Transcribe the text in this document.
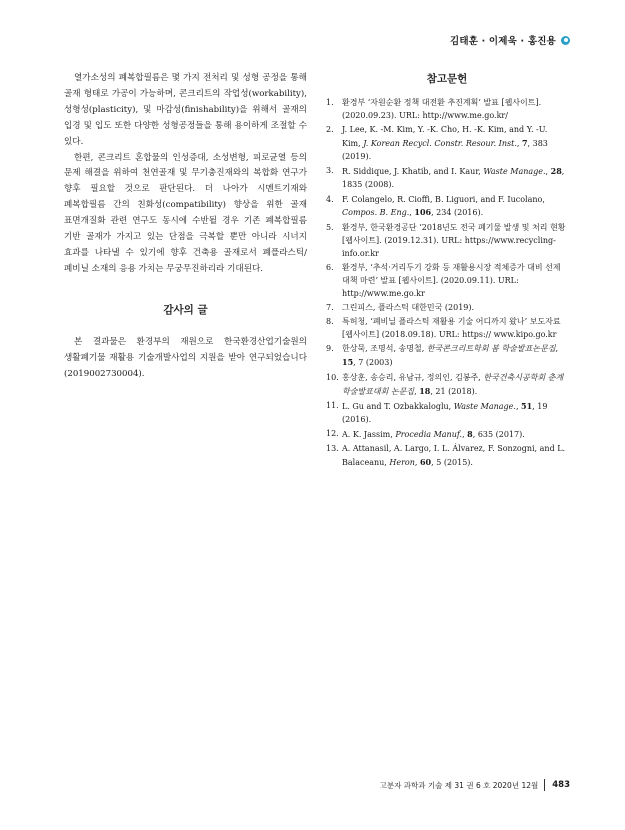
김태훈 · 이제욱 · 홍진용

열가소성의 폐복합필름은 몇 가지 전처리 및 성형 공정을 통해 골재 형태로 가공이 가능하며, 콘크리트의 작업성(workability), 성형성(plasticity), 및 마감성(finishability)을 위해서 골재의 입경 및 입도 또한 다양한 성형공정들을 통해 용이하게 조절할 수 있다.

한편, 콘크리트 혼합물의 인성증대, 소성변형, 피로균열 등의 문제 해결을 위하여 천연골재 및 무기충진재와의 복합화 연구가 향후 필요할 것으로 판단된다. 더 나아가 시멘트기재와 폐복합필름 간의 친화성(compatibility) 향상을 위한 골재 표면개질화 관련 연구도 동시에 수반될 경우 기존 폐복합필름 기반 골재가 가지고 있는 단점을 극복할 뿐만 아니라 시너지 효과를 나타낼 수 있기에 향후 건축용 골재로서 폐플라스틱/폐비닐 소재의 응용 가치는 무궁무진하리라 기대된다.

감사의 글

본 결과물은 환경부의 재원으로 한국환경산업기술원의 생활폐기물 재활용 기술개발사업의 지원을 받아 연구되었습니다(2019002730004).

참고문헌
1.	환경부 ‘자원순환 정책 대전환 추진계획’ 발표 [웹사이트]. (2020.09.23). URL: http://www.me.go.kr/
2.	J. Lee, K. -M. Kim, Y. -K. Cho, H. -K. Kim, and Y. -U. Kim, J. Korean Recycl. Constr. Resour. Inst., 7, 383 (2019).
3.	R. Siddique, J. Khatib, and I. Kaur, Waste Manage., 28, 1835 (2008).
4.	F. Colangelo, R. Cioffi, B. Liguori, and F. Iucolano, Compos. B. Eng., 106, 234 (2016).
5.	환경부, 한국환경공단 ‘2018년도 전국 폐기물 발생 및 처리 현황 [웹사이트]. (2019.12.31). URL: https://www.recycling-info.or.kr
6.	환경부, ‘추석·거리두기 강화 등 재활용시장 적체증가 대비 선제대책 마련’ 발표 [웹사이트]. (2020.09.11). URL: http://www.me.go.kr
7.	그린피스, 플라스틱 대한민국 (2019).
8.	특허청, ‘폐비닐 플라스틱 재활용 기술 어디까지 왔나’ 보도자료 [웹사이트] (2018.09.18). URL: https:// www.kipo.go.kr
9.	한상묵, 조명석, 송명철, 한국콘크리트학회 봄 학술발표논문집, 15, 7 (2003)
10. 홍상훈, 송승리, 유남규, 정의인, 김봉주, 한국건축시공학회 춘계학술발표대회 논문집, 18, 21 (2018).
11. L. Gu and T. Ozbakkaloglu, Waste Manage., 51, 19 (2016).
12. A. K. Jassim, Procedia Manuf., 8, 635 (2017).
13. A. Attanasil, A. Largo, I. L. Álvarez, F. Sonzogni, and L. Balaceanu, Heron, 60, 5 (2015).
고분자 과학과 기술 제 31 권 6 호 2020년 12월 483
